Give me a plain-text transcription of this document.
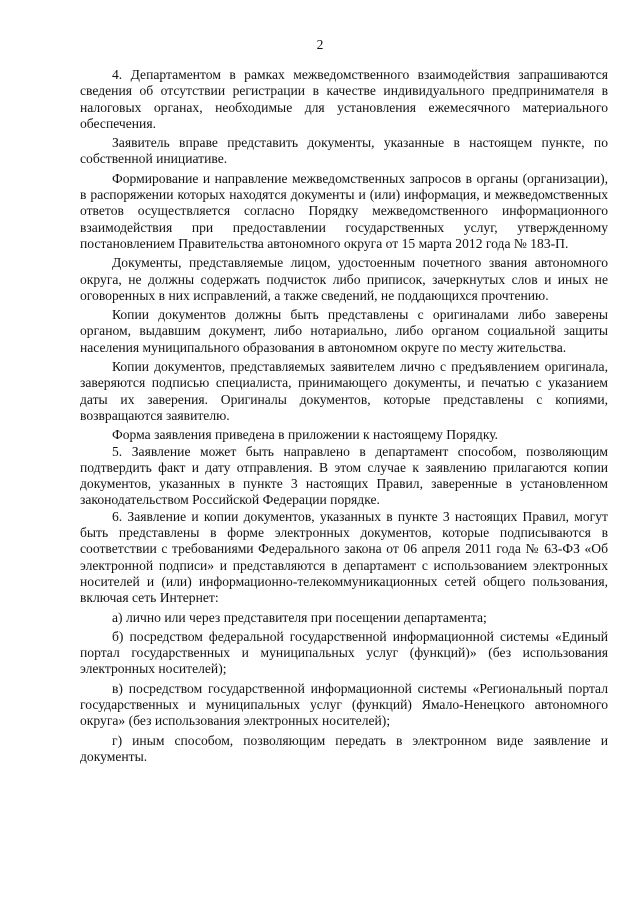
2

4. Департаментом в рамках межведомственного взаимодействия запрашиваются сведения об отсутствии регистрации в качестве индивидуального предпринимателя в налоговых органах, необходимые для установления ежемесячного материального обеспечения.

Заявитель вправе представить документы, указанные в настоящем пункте, по собственной инициативе.

Формирование и направление межведомственных запросов в органы (организации), в распоряжении которых находятся документы и (или) информация, и межведомственных ответов осуществляется согласно Порядку межведомственного информационного взаимодействия при предоставлении государственных услуг, утвержденному постановлением Правительства автономного округа от 15 марта 2012 года № 183-П.

Документы, представляемые лицом, удостоенным почетного звания автономного округа, не должны содержать подчисток либо приписок, зачеркнутых слов и иных не оговоренных в них исправлений, а также сведений, не поддающихся прочтению.

Копии документов должны быть представлены с оригиналами либо заверены органом, выдавшим документ, либо нотариально, либо органом социальной защиты населения муниципального образования в автономном округе по месту жительства.

Копии документов, представляемых заявителем лично с предъявлением оригинала, заверяются подписью специалиста, принимающего документы, и печатью с указанием даты их заверения. Оригиналы документов, которые представлены с копиями, возвращаются заявителю.

Форма заявления приведена в приложении к настоящему Порядку.

5. Заявление может быть направлено в департамент способом, позволяющим подтвердить факт и дату отправления. В этом случае к заявлению прилагаются копии документов, указанных в пункте 3 настоящих Правил, заверенные в установленном законодательством Российской Федерации порядке.

6. Заявление и копии документов, указанных в пункте 3 настоящих Правил, могут быть представлены в форме электронных документов, которые подписываются в соответствии с требованиями Федерального закона от 06 апреля 2011 года № 63-ФЗ «Об электронной подписи» и представляются в департамент с использованием электронных носителей и (или) информационно-телекоммуникационных сетей общего пользования, включая сеть Интернет:

а) лично или через представителя при посещении департамента;

б) посредством федеральной государственной информационной системы «Единый портал государственных и муниципальных услуг (функций)» (без использования электронных носителей);

в) посредством государственной информационной системы «Региональный портал государственных и муниципальных услуг (функций) Ямало-Ненецкого автономного округа» (без использования электронных носителей);

г) иным способом, позволяющим передать в электронном виде заявление и документы.
